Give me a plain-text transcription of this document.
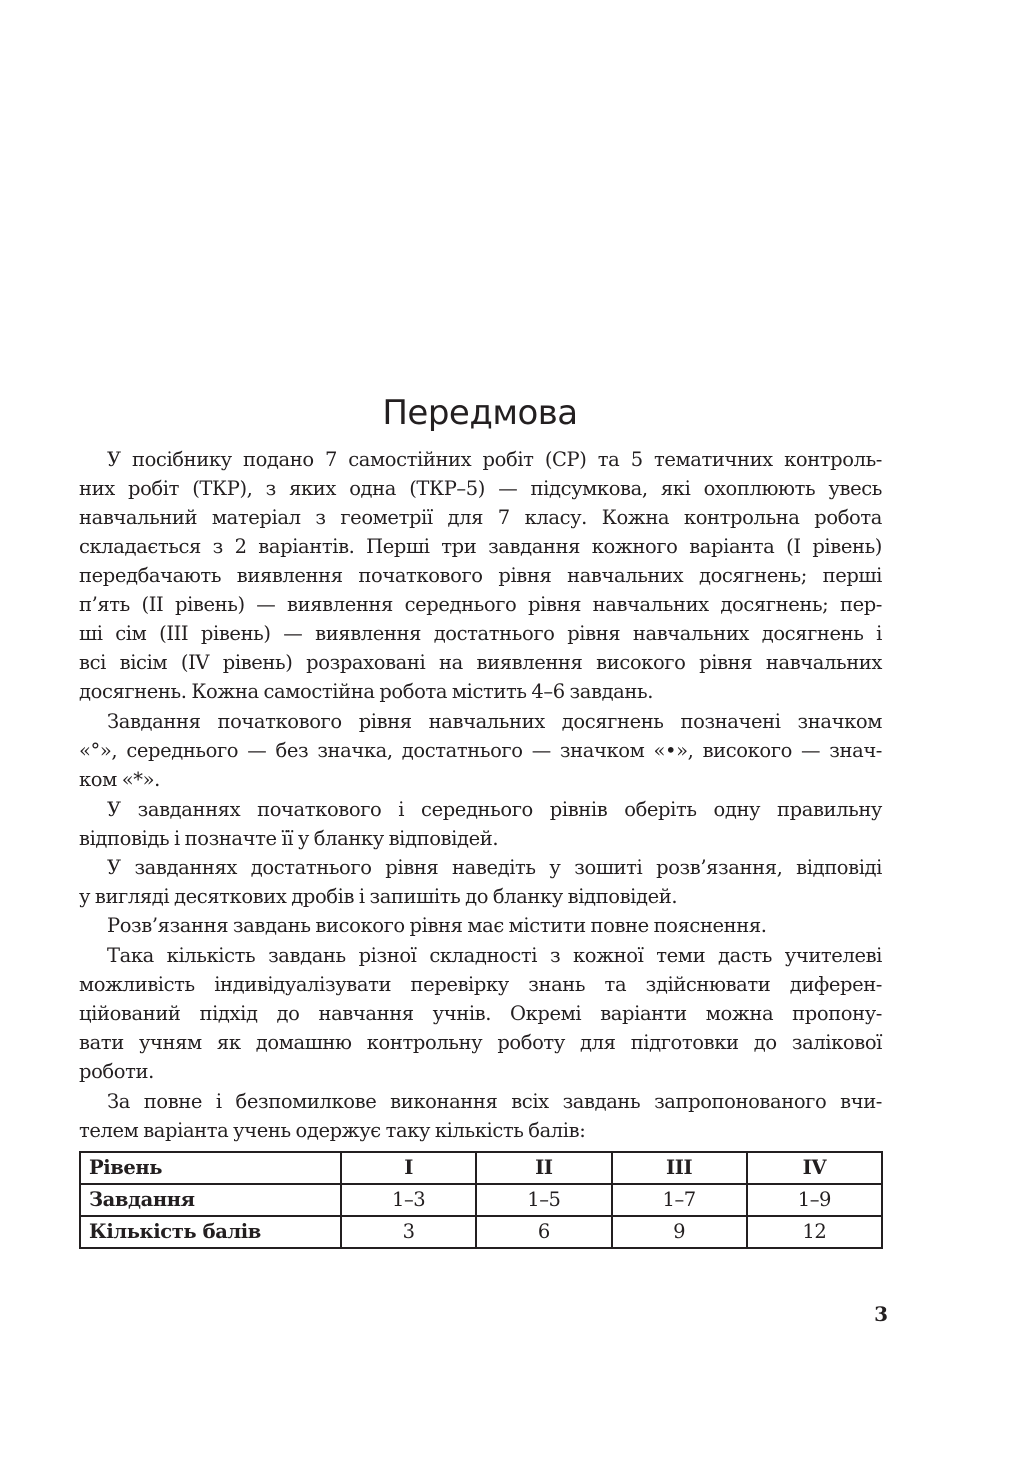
Передмова
У посібнику подано 7 самостійних робіт (СР) та 5 тематичних контроль-
них робіт (ТКР), з яких одна (ТКР–5) — підсумкова, які охоплюють увесь
навчальний матеріал з геометрії для 7 класу. Кожна контрольна робота
складається з 2 варіантів. Перші три завдання кожного варіанта (I рівень)
передбачають виявлення початкового рівня навчальних досягнень; перші
п’ять (II рівень) — виявлення середнього рівня навчальних досягнень; пер-
ші сім (III рівень) — виявлення достатнього рівня навчальних досягнень і
всі вісім (IV рівень) розраховані на виявлення високого рівня навчальних
досягнень. Кожна самостійна робота містить 4–6 завдань.
Завдання початкового рівня навчальних досягнень позначені значком
«°», середнього — без значка, достатнього — значком «•», високого — знач-
ком «*».
У завданнях початкового і середнього рівнів оберіть одну правильну
відповідь і позначте її у бланку відповідей.
У завданнях достатнього рівня наведіть у зошиті розв’язання, відповіді
у вигляді десяткових дробів і запишіть до бланку відповідей.
Розв’язання завдань високого рівня має містити повне пояснення.
Така кількість завдань різної складності з кожної теми дасть учителеві
можливість індивідуалізувати перевірку знань та здійснювати диферен-
ційований підхід до навчання учнів. Окремі варіанти можна пропону-
вати учням як домашню контрольну роботу для підготовки до залікової
роботи.
За повне і безпомилкове виконання всіх завдань запропонованого вчи-
телем варіанта учень одержує таку кількість балів:
Рівень	I	II	III	IV
Завдання	1–3	1–5	1–7	1–9
Кількість балів	3	6	9	12
3
